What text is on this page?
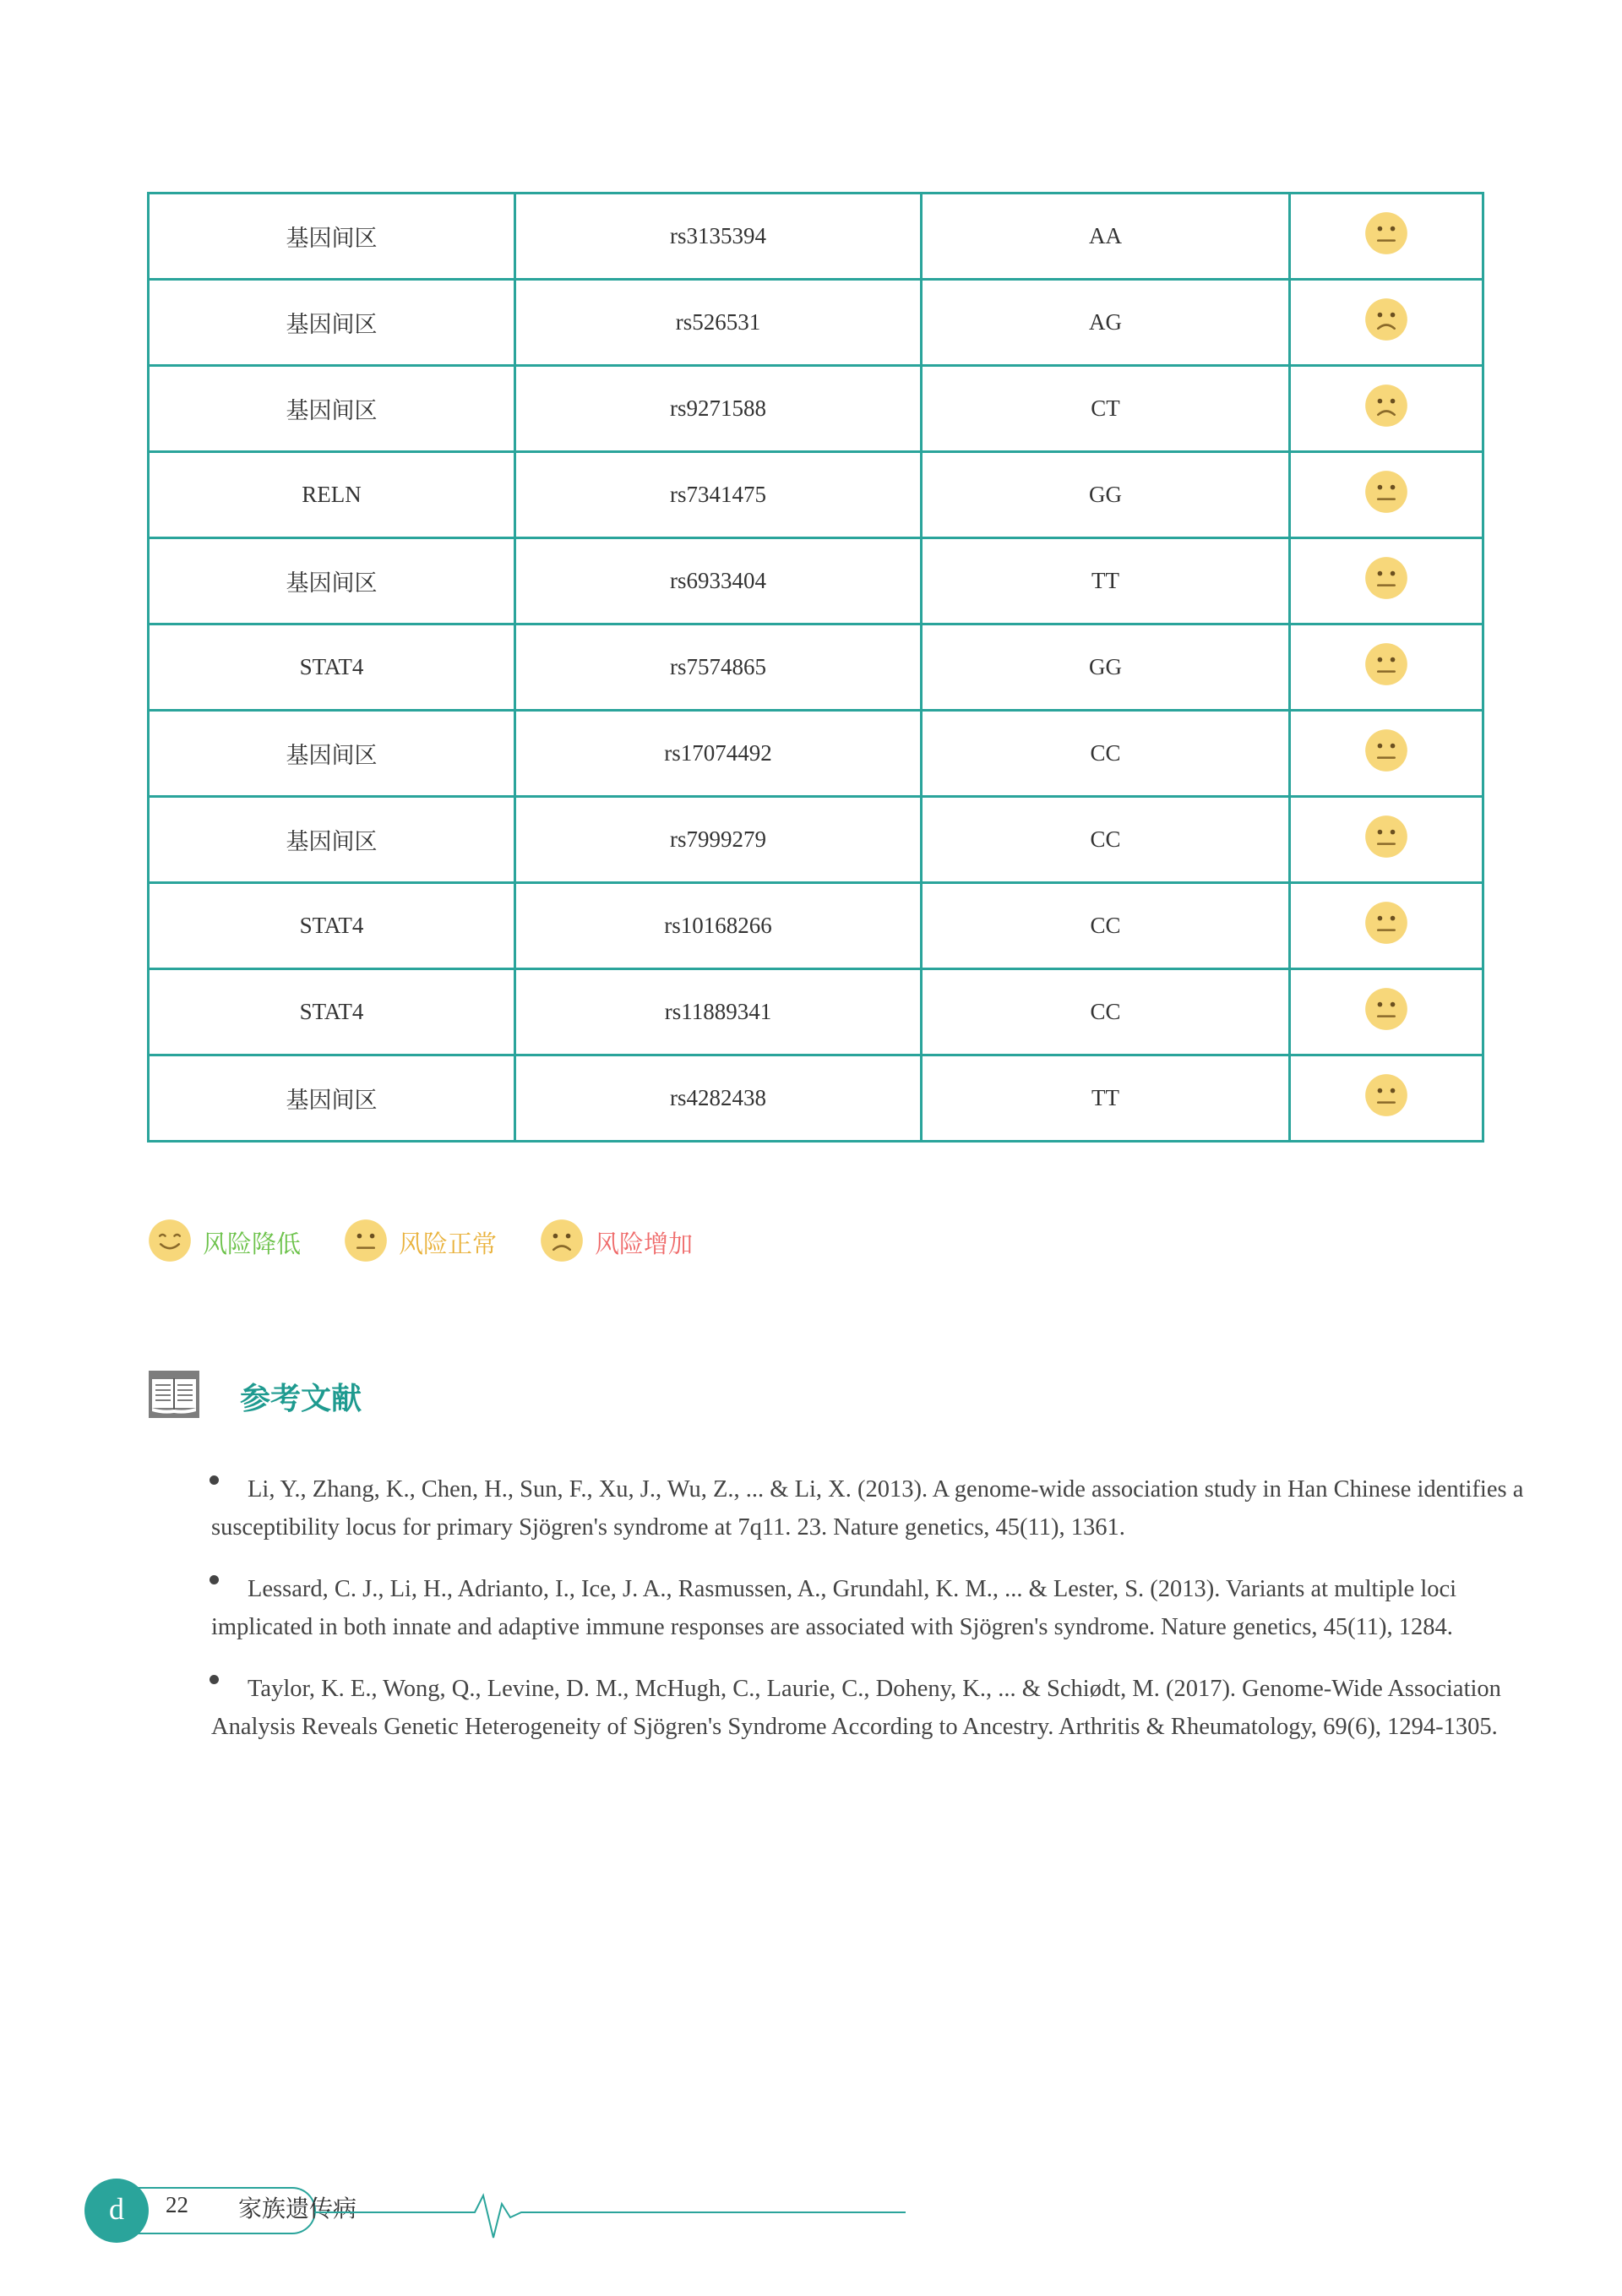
基因间区	rs3135394	AA	
基因间区	rs526531	AG	
基因间区	rs9271588	CT	
RELN	rs7341475	GG	
基因间区	rs6933404	TT	
STAT4	rs7574865	GG	
基因间区	rs17074492	CC	
基因间区	rs7999279	CC	
STAT4	rs10168266	CC	
STAT4	rs11889341	CC	
基因间区	rs4282438	TT	
风险降低	风险正常	风险增加
参考文献
Li, Y., Zhang, K., Chen, H., Sun, F., Xu, J., Wu, Z., ... & Li, X. (2013). A genome-wide association study in Han Chinese identifies a susceptibility locus for primary Sjögren's syndrome at 7q11. 23. Nature genetics, 45(11), 1361.
Lessard, C. J., Li, H., Adrianto, I., Ice, J. A., Rasmussen, A., Grundahl, K. M., ... & Lester, S. (2013). Variants at multiple loci implicated in both innate and adaptive immune responses are associated with Sjögren's syndrome. Nature genetics, 45(11), 1284.
Taylor, K. E., Wong, Q., Levine, D. M., McHugh, C., Laurie, C., Doheny, K., ... & Schiødt, M. (2017). Genome-Wide Association Analysis Reveals Genetic Heterogeneity of Sjögren's Syndrome According to Ancestry. Arthritis & Rheumatology, 69(6), 1294-1305.
d	22 家族遗传病
